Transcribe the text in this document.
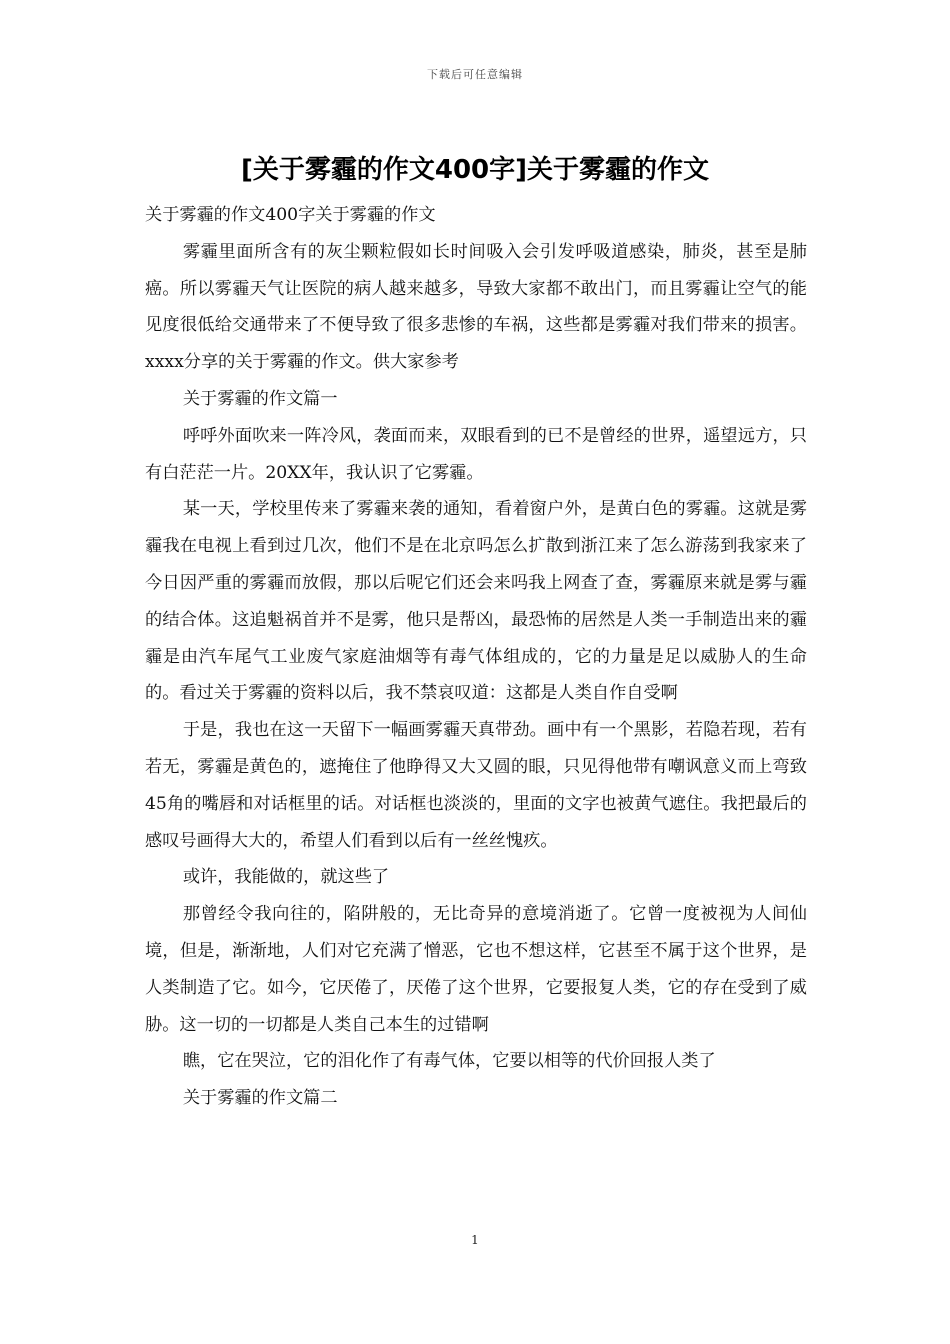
下载后可任意编辑
[关于雾霾的作文400字]关于雾霾的作文

关于雾霾的作文400字关于雾霾的作文

雾霾里面所含有的灰尘颗粒假如长时间吸入会引发呼吸道感染，肺炎，甚至是肺癌。所以雾霾天气让医院的病人越来越多，导致大家都不敢出门，而且雾霾让空气的能见度很低给交通带来了不便导致了很多悲惨的车祸，这些都是雾霾对我们带来的损害。xxxx分享的关于雾霾的作文。供大家参考

关于雾霾的作文篇一

呼呼外面吹来一阵冷风，袭面而来，双眼看到的已不是曾经的世界，遥望远方，只有白茫茫一片。20XX年，我认识了它雾霾。

某一天，学校里传来了雾霾来袭的通知，看着窗户外，是黄白色的雾霾。这就是雾霾我在电视上看到过几次，他们不是在北京吗怎么扩散到浙江来了怎么游荡到我家来了今日因严重的雾霾而放假，那以后呢它们还会来吗我上网查了查，雾霾原来就是雾与霾的结合体。这追魁祸首并不是雾，他只是帮凶，最恐怖的居然是人类一手制造出来的霾霾是由汽车尾气工业废气家庭油烟等有毒气体组成的，它的力量是足以威胁人的生命的。看过关于雾霾的资料以后，我不禁哀叹道：这都是人类自作自受啊

于是，我也在这一天留下一幅画雾霾天真带劲。画中有一个黑影，若隐若现，若有若无，雾霾是黄色的，遮掩住了他睁得又大又圆的眼，只见得他带有嘲讽意义而上弯致45角的嘴唇和对话框里的话。对话框也淡淡的，里面的文字也被黄气遮住。我把最后的感叹号画得大大的，希望人们看到以后有一丝丝愧疚。

或许，我能做的，就这些了

那曾经令我向往的，陷阱般的，无比奇异的意境消逝了。它曾一度被视为人间仙境，但是，渐渐地，人们对它充满了憎恶，它也不想这样，它甚至不属于这个世界，是人类制造了它。如今，它厌倦了，厌倦了这个世界，它要报复人类，它的存在受到了威胁。这一切的一切都是人类自己本生的过错啊

瞧，它在哭泣，它的泪化作了有毒气体，它要以相等的代价回报人类了

关于雾霾的作文篇二

1
